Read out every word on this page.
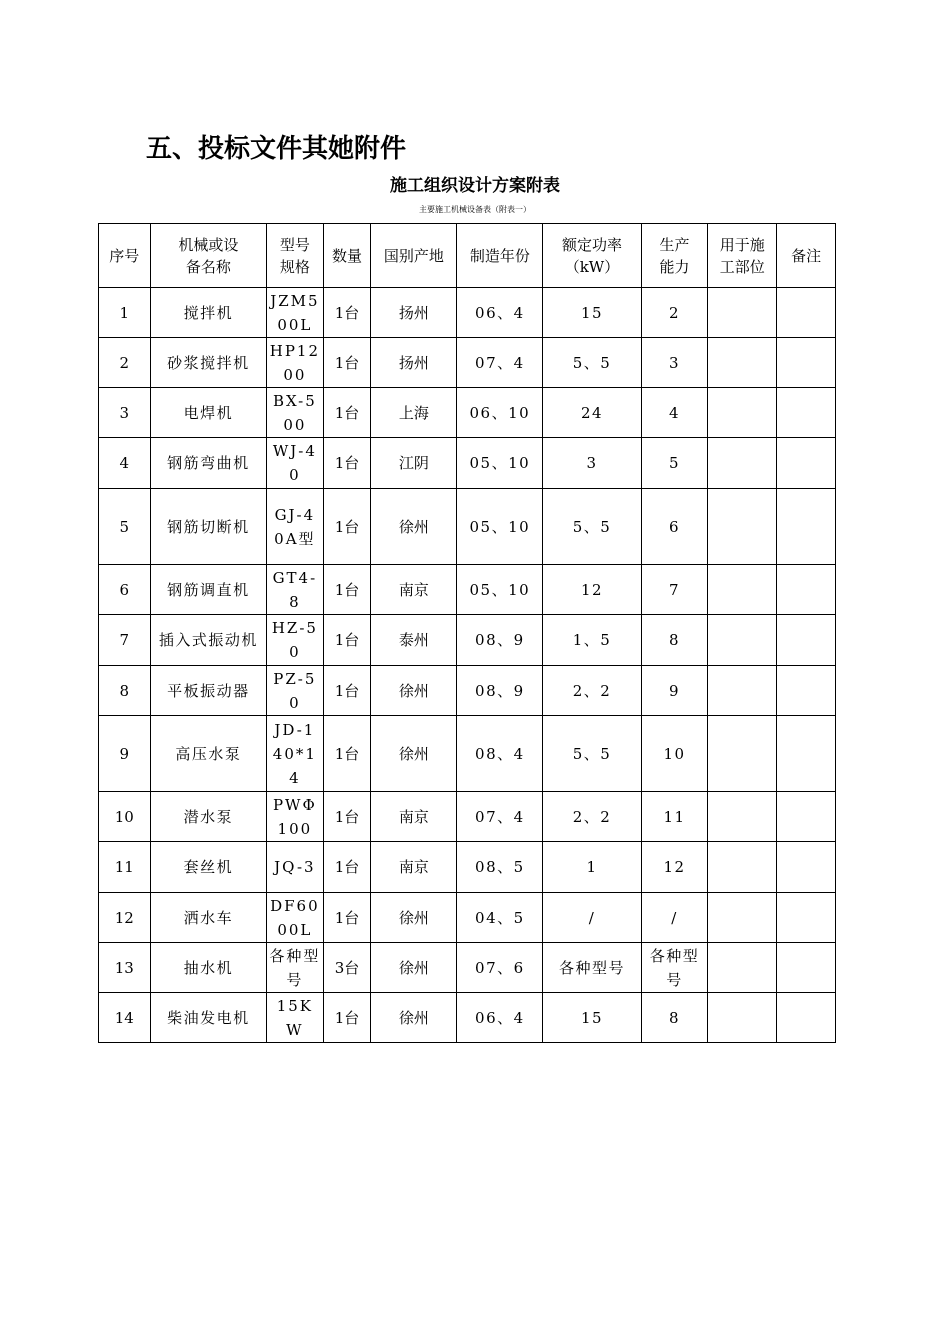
五、投标文件其她附件
施工组织设计方案附表

主要施工机械设备表（附表一）

序号	机械或设备名称	型号规格	数量	国别产地	制造年份	额定功率（kW）	生产能力	用于施工部位	备注
1	搅拌机	JZM500L	1台	扬州	06、4	15	2		
2	砂浆搅拌机	HP1200	1台	扬州	07、4	5、5	3		
3	电焊机	BX-500	1台	上海	06、10	24	4		
4	钢筋弯曲机	WJ-40	1台	江阴	05、10	3	5		
5	钢筋切断机	GJ-40A型	1台	徐州	05、10	5、5	6		
6	钢筋调直机	GT4-8	1台	南京	05、10	12	7		
7	插入式振动机	HZ-50	1台	泰州	08、9	1、5	8		
8	平板振动器	PZ-50	1台	徐州	08、9	2、2	9		
9	高压水泵	JD-140*14	1台	徐州	08、4	5、5	10		
10	潜水泵	PWΦ100	1台	南京	07、4	2、2	11		
11	套丝机	JQ-3	1台	南京	08、5	1	12		
12	洒水车	DF6000L	1台	徐州	04、5	/	/		
13	抽水机	各种型号	3台	徐州	07、6	各种型号	各种型号		
14	柴油发电机	15KW	1台	徐州	06、4	15	8		
